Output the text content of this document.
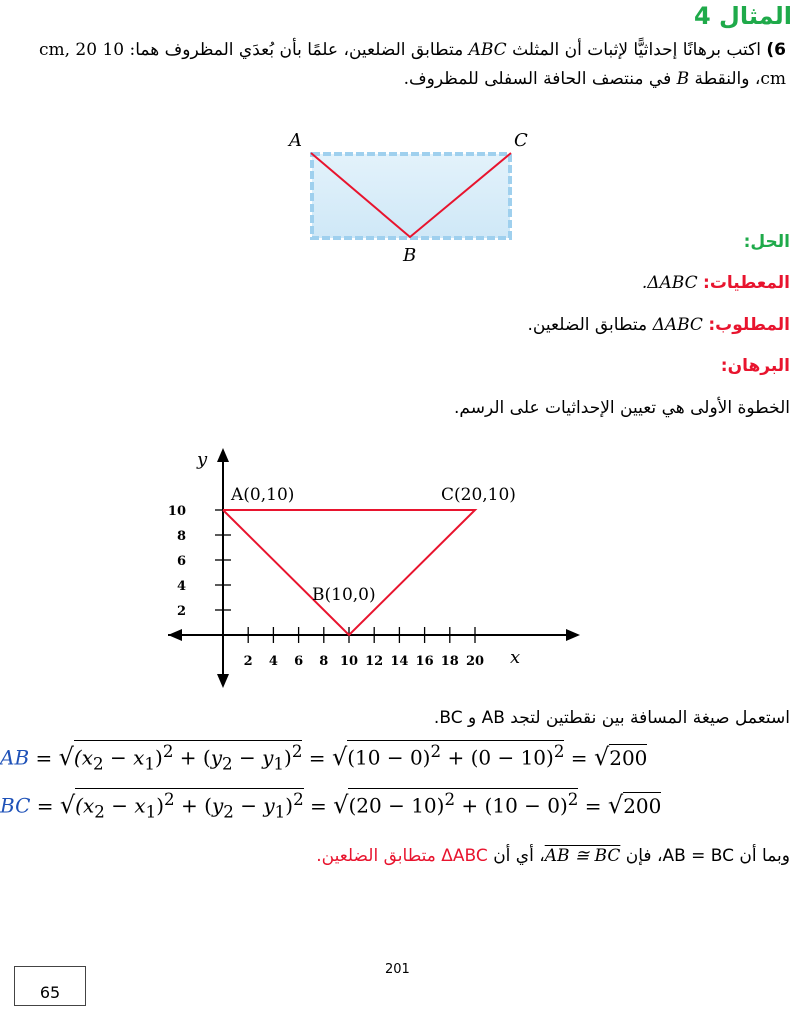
المثال 4
6) اكتب برهانًا إحداثيًّا لإثبات أن المثلث ABC متطابق الضلعين، علمًا بأن بُعدَي المظروف هما: 10 cm, 20 cm، والنقطة B في منتصف الحافة السفلى للمظروف.
A	C
B
الحل:
المعطيات: ΔABC.
المطلوب: ΔABC متطابق الضلعين.
البرهان:
الخطوة الأولى هي تعيين الإحداثيات على الرسم.
2 4 6 8 10 12 14 16 18 20
2
4
6
8
10
x
y
A(0,10)
B(10,0)
C(20,10)
استعمل صيغة المسافة بين نقطتين لتجد AB و BC.
AB = $√(x_2 - x_1)^2 + (y_2 - y_1)^2 = √(10 - 0)^2 + (0 - 10)^2 = √200$
BC = $√(x_2 - x_1)^2 + (y_2 - y_1)^2 = √(20 - 10)^2 + (10 - 0)^2 = √200$
وبما أن AB = BC، فإن AB ≅ BC، أي أن ΔABC متطابق الضلعين.
65
201
